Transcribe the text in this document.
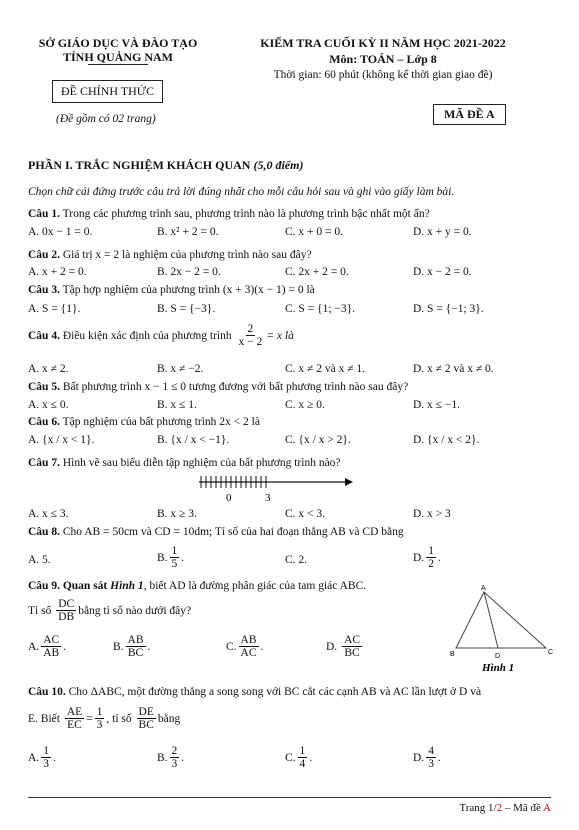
SỞ GIÁO DỤC VÀ ĐÀO TẠO
TỈNH QUẢNG NAM
ĐỀ CHÍNH THỨC
(Đề gồm có 02 trang)
KIỂM TRA CUỐI KỲ II NĂM HỌC 2021-2022
Môn: TOÁN – Lớp 8
Thời gian: 60 phút (không kể thời gian giao đề)
MÃ ĐỀ A
PHẦN I. TRẮC NGHIỆM KHÁCH QUAN (5,0 điểm)
Chọn chữ cái đứng trước câu trả lời đúng nhất cho mỗi câu hỏi sau và ghi vào giấy làm bài.
Câu 1. Trong các phương trình sau, phương trình nào là phương trình bậc nhất một ẩn?
A. 0x − 1 = 0.	B. x² + 2 = 0.	C. x + 0 = 0.	D. x + y = 0.
Câu 2. Giá trị x = 2 là nghiệm của phương trình nào sau đây?
A. x + 2 = 0.	B. 2x − 2 = 0.	C. 2x + 2 = 0.	D. x − 2 = 0.
Câu 3. Tập hợp nghiệm của phương trình (x + 3)(x − 1) = 0 là
A. S = {1}.	B. S = {−3}.	C. S = {1; −3}.	D. S = {−1; 3}.
Câu 4.
Điều kiện xác định của phương trình
$\frac{2}{x - 2} = x$ là
A. x ≠ 2.	B. x ≠ −2.	C. x ≠ 2 và x ≠ 1.	D. x ≠ 2 và x ≠ 0.
Câu 5. Bất phương trình x − 1 ≤ 0 tương đương với bất phương trình nào sau đây?
A. x ≤ 0.	B. x ≤ 1.	C. x ≥ 0.	D. x ≤ −1.
Câu 6. Tập nghiệm của bất phương trình 2x < 2 là
A. {x / x < 1}.	B. {x / x < −1}.	C. {x / x > 2}.	D. {x / x < 2}.
Câu 7. Hình vẽ sau biểu diễn tập nghiệm của bất phương trình nào?
0	3
A. x ≤ 3.	B. x ≥ 3.	C. x < 3.	D. x > 3
Câu 8. Cho AB = 50cm và CD = 10dm; Tỉ số của hai đoạn thẳng AB và CD bằng
A. 5.	B. $\frac{1}{5}$ .	C. 2.	D. $\frac{1}{2}$ .
Câu 9. Quan sát Hình 1, biết AD là đường phân giác của tam giác ABC.
Tỉ số
$\frac{DC}{DB}$ bằng tỉ số nào dưới đây?
A. $\frac{AC}{AB}$ .	B. $\frac{AB}{BC}$ .	C. $\frac{AB}{AC}$ .	D.
$\frac{AC}{BC}$
A
B	C
D
Hình 1
Câu 10. Cho ΔABC, một đường thẳng a song song với BC cắt các cạnh AB và AC lần lượt ở D và
E. Biết
$\frac{AE}{EC} = \frac{1}{3}$ , tỉ số
$\frac{DE}{BC}$ bằng
A. $\frac{1}{3}$ .	B. $\frac{2}{3}$ .	C. $\frac{1}{4}$ .	D. $\frac{4}{3}$ .
Trang 1/2 – Mã đề A
